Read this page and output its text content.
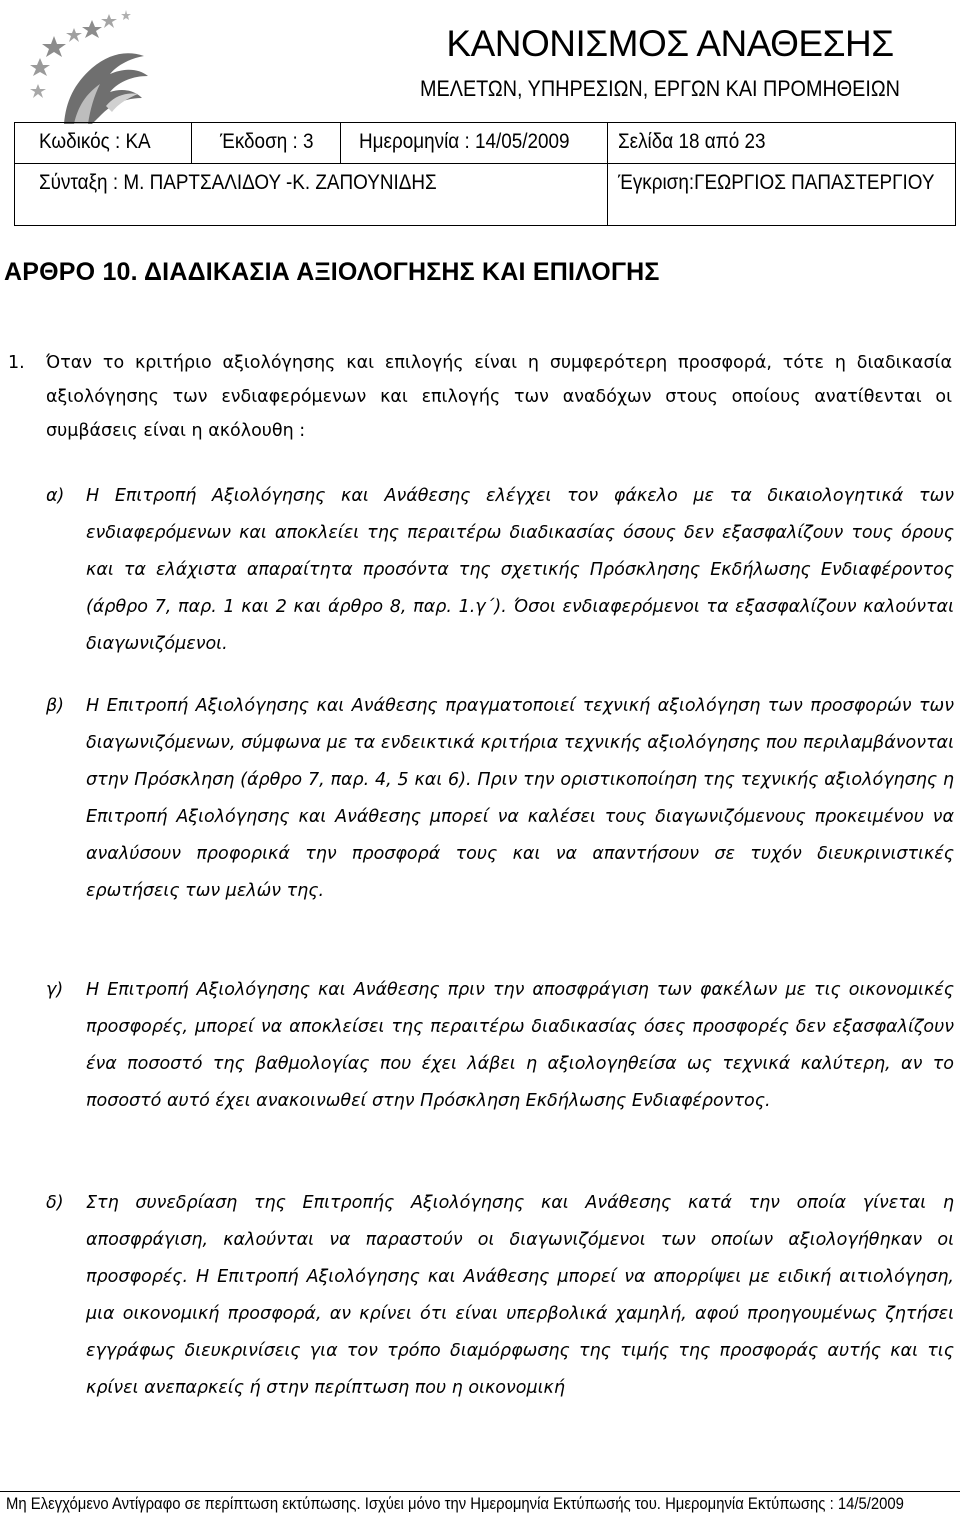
ΚΑΝΟΝΙΣΜΟΣ ΑΝΑΘΕΣΗΣ
ΜΕΛΕΤΩΝ, ΥΠΗΡΕΣΙΩΝ, ΕΡΓΩΝ ΚΑΙ ΠΡΟΜΗΘΕΙΩΝ
Κωδικός : ΚΑ	Έκδοση : 3 Ημερομηνία : 14/05/2009 Σελίδα 18 από 23
Σύνταξη : Μ. ΠΑΡΤΣΑΛΙΔΟΥ -Κ. ΖΑΠΟΥΝΙΔΗΣ	Έγκριση:ΓΕΩΡΓΙΟΣ ΠΑΠΑΣΤΕΡΓΙΟΥ
ΑΡΘΡΟ 10. ΔΙΑΔΙΚΑΣΙΑ ΑΞΙΟΛΟΓΗΣΗΣ ΚΑΙ ΕΠΙΛΟΓΗΣ
1.	Όταν το κριτήριο αξιολόγησης και επιλογής είναι η συμφερότερη προσφορά, τότε η διαδικασία αξιολόγησης των ενδιαφερόμενων και επιλογής των αναδόχων στους οποίους ανατίθενται οι συμβάσεις είναι η ακόλουθη :
α) Η Επιτροπή Αξιολόγησης και Ανάθεσης ελέγχει τον φάκελο με τα δικαιολογητικά των ενδιαφερόμενων και αποκλείει της περαιτέρω διαδικασίας όσους δεν εξασφαλίζουν τους όρους και τα ελάχιστα απαραίτητα προσόντα της σχετικής Πρόσκλησης Εκδήλωσης Ενδιαφέροντος (άρθρο 7, παρ. 1 και 2 και άρθρο 8, παρ. 1.γ΄). Όσοι ενδιαφερόμενοι τα εξασφαλίζουν καλούνται διαγωνιζόμενοι.
β) Η Επιτροπή Αξιολόγησης και Ανάθεσης πραγματοποιεί τεχνική αξιολόγηση των προσφορών των διαγωνιζόμενων, σύμφωνα με τα ενδεικτικά κριτήρια τεχνικής αξιολόγησης που περιλαμβάνονται στην Πρόσκληση (άρθρο 7, παρ. 4, 5 και 6). Πριν την οριστικοποίηση της τεχνικής αξιολόγησης η Επιτροπή Αξιολόγησης και Ανάθεσης μπορεί να καλέσει τους διαγωνιζόμενους προκειμένου να αναλύσουν προφορικά την προσφορά τους και να απαντήσουν σε τυχόν διευκρινιστικές ερωτήσεις των μελών της.
γ) Η Επιτροπή Αξιολόγησης και Ανάθεσης πριν την αποσφράγιση των φακέλων με τις οικονομικές προσφορές, μπορεί να αποκλείσει της περαιτέρω διαδικασίας όσες προσφορές δεν εξασφαλίζουν ένα ποσοστό της βαθμολογίας που έχει λάβει η αξιολογηθείσα ως τεχνικά καλύτερη, αν το ποσοστό αυτό έχει ανακοινωθεί στην Πρόσκληση Εκδήλωσης Ενδιαφέροντος.
δ) Στη συνεδρίαση της Επιτροπής Αξιολόγησης και Ανάθεσης κατά την οποία γίνεται η αποσφράγιση, καλούνται να παραστούν οι διαγωνιζόμενοι των οποίων αξιολογήθηκαν οι προσφορές. Η Επιτροπή Αξιολόγησης και Ανάθεσης μπορεί να απορρίψει με ειδική αιτιολόγηση, μια οικονομική προσφορά, αν κρίνει ότι είναι υπερβολικά χαμηλή, αφού προηγουμένως ζητήσει εγγράφως διευκρινίσεις για τον τρόπο διαμόρφωσης της τιμής της προσφοράς αυτής και τις κρίνει ανεπαρκείς ή στην περίπτωση που η οικονομική
Μη Ελεγχόμενο Αντίγραφο σε περίπτωση εκτύπωσης. Ισχύει μόνο την Ημερομηνία Εκτύπωσής του. Ημερομηνία Εκτύπωσης : 14/5/2009
